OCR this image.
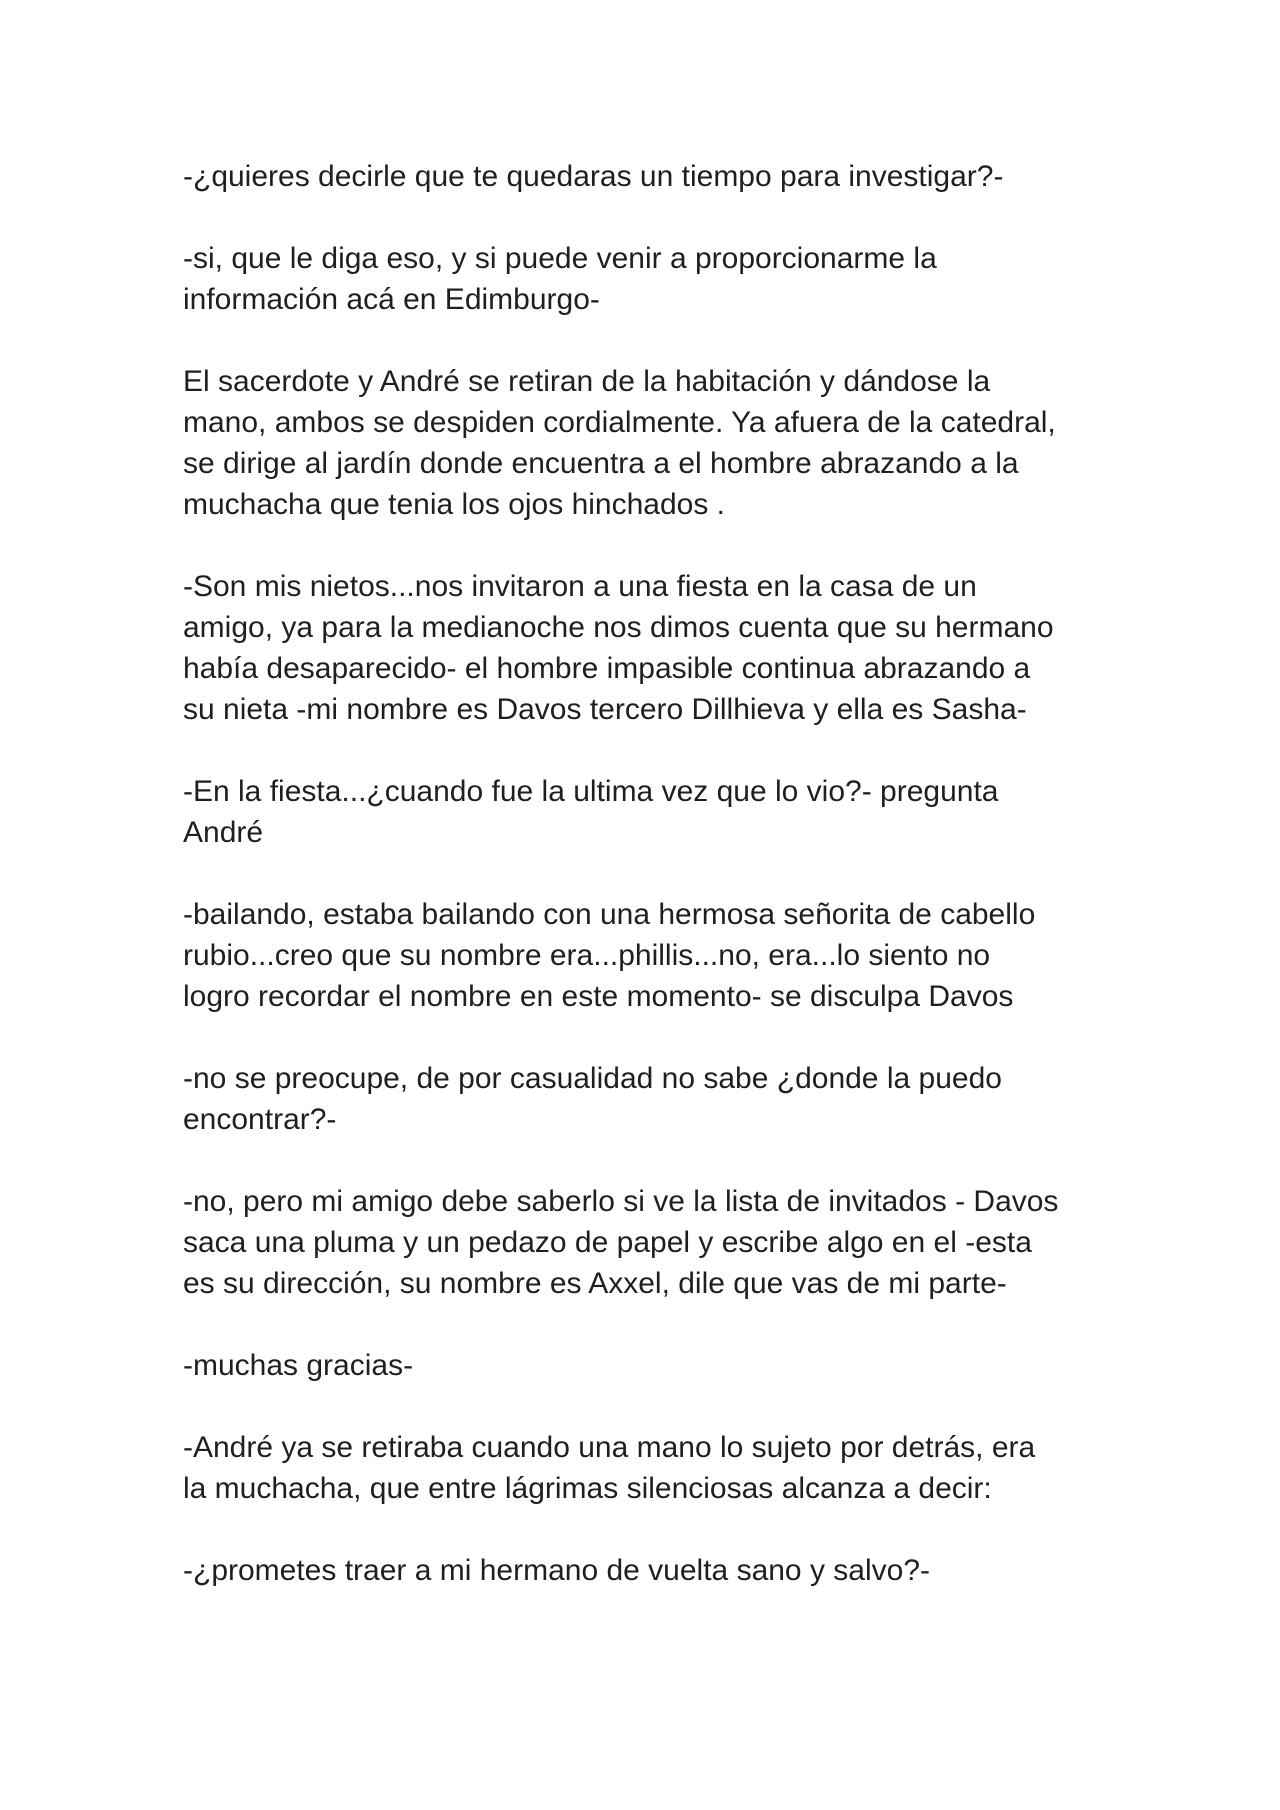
-¿quieres decirle que te quedaras un tiempo para investigar?-

-si, que le diga eso, y si puede venir a proporcionarme la
información acá en Edimburgo-

El sacerdote y André se retiran de la habitación y dándose la
mano, ambos se despiden cordialmente. Ya afuera de la catedral,
se dirige al jardín donde encuentra a el hombre abrazando a la
muchacha que tenia los ojos hinchados .

-Son mis nietos...nos invitaron a una fiesta en la casa de un
amigo, ya para la medianoche nos dimos cuenta que su hermano
había desaparecido- el hombre impasible continua abrazando a
su nieta -mi nombre es Davos tercero Dillhieva y ella es Sasha-

-En la fiesta...¿cuando fue la ultima vez que lo vio?- pregunta
André

-bailando, estaba bailando con una hermosa señorita de cabello
rubio...creo que su nombre era...phillis...no, era...lo siento no
logro recordar el nombre en este momento- se disculpa Davos

-no se preocupe, de por casualidad no sabe ¿donde la puedo
encontrar?-

-no, pero mi amigo debe saberlo si ve la lista de invitados - Davos
saca una pluma y un pedazo de papel y escribe algo en el -esta
es su dirección, su nombre es Axxel, dile que vas de mi parte-

-muchas gracias-

-André ya se retiraba cuando una mano lo sujeto por detrás, era
la muchacha, que entre lágrimas silenciosas alcanza a decir:

-¿prometes traer a mi hermano de vuelta sano y salvo?-
